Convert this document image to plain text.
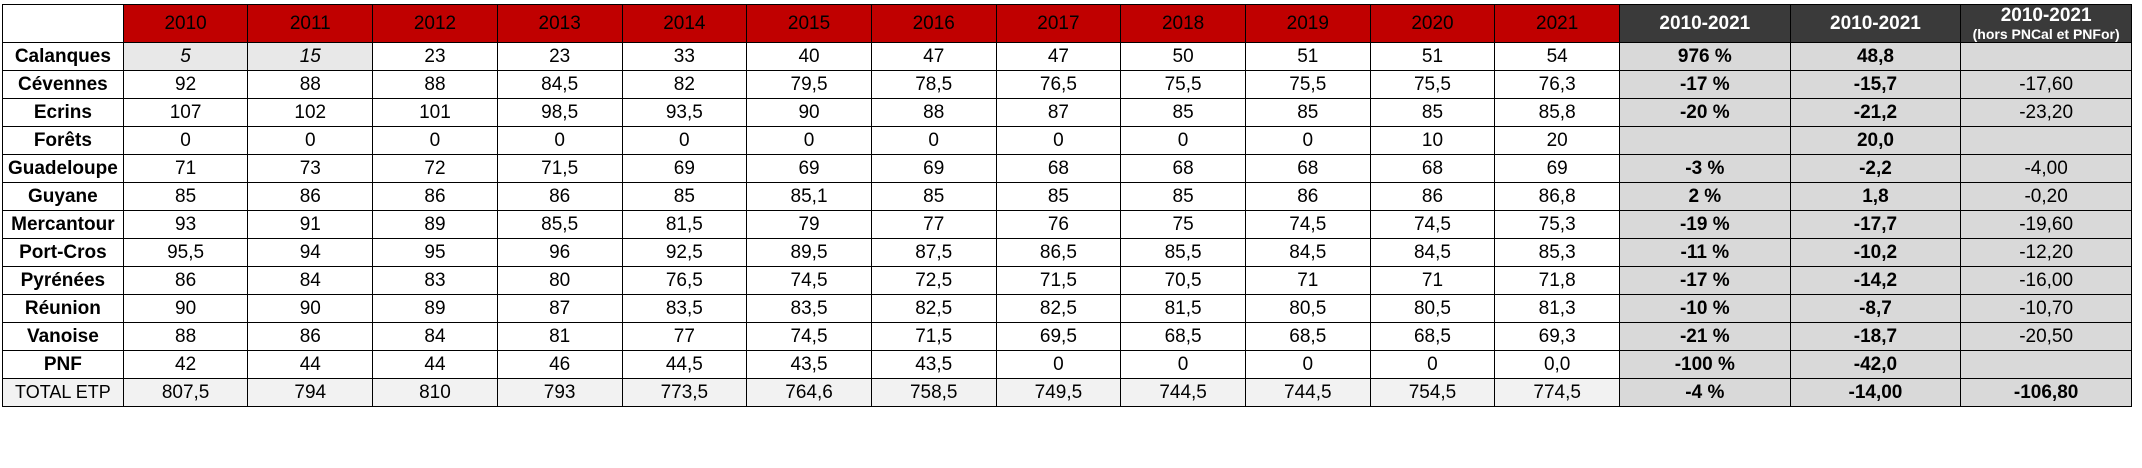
	2010	2011	2012	2013	2014	2015	2016	2017	2018	2019	2020	2021	2010-2021	2010-2021	2010-2021
(hors PNCal et PNFor)

Calanques	5	15	23	23	33	40	47	47	50	51	51	54	976 %	48,8	
Cévennes	92	88	88	84,5	82	79,5	78,5	76,5	75,5	75,5	75,5	76,3	-17 %	-15,7	-17,60
Ecrins	107	102	101	98,5	93,5	90	88	87	85	85	85	85,8	-20 %	-21,2	-23,20
Forêts	0	0	0	0	0	0	0	0	0	0	10	20		20,0	
Guadeloupe	71	73	72	71,5	69	69	69	68	68	68	68	69	-3 %	-2,2	-4,00
Guyane	85	86	86	86	85	85,1	85	85	85	86	86	86,8	2 %	1,8	-0,20
Mercantour	93	91	89	85,5	81,5	79	77	76	75	74,5	74,5	75,3	-19 %	-17,7	-19,60
Port-Cros	95,5	94	95	96	92,5	89,5	87,5	86,5	85,5	84,5	84,5	85,3	-11 %	-10,2	-12,20
Pyrénées	86	84	83	80	76,5	74,5	72,5	71,5	70,5	71	71	71,8	-17 %	-14,2	-16,00
Réunion	90	90	89	87	83,5	83,5	82,5	82,5	81,5	80,5	80,5	81,3	-10 %	-8,7	-10,70
Vanoise	88	86	84	81	77	74,5	71,5	69,5	68,5	68,5	68,5	69,3	-21 %	-18,7	-20,50
PNF	42	44	44	46	44,5	43,5	43,5	0	0	0	0	0,0	-100 %	-42,0	
TOTAL ETP	807,5	794	810	793	773,5	764,6	758,5	749,5	744,5	744,5	754,5	774,5	-4 %	-14,00	-106,80
